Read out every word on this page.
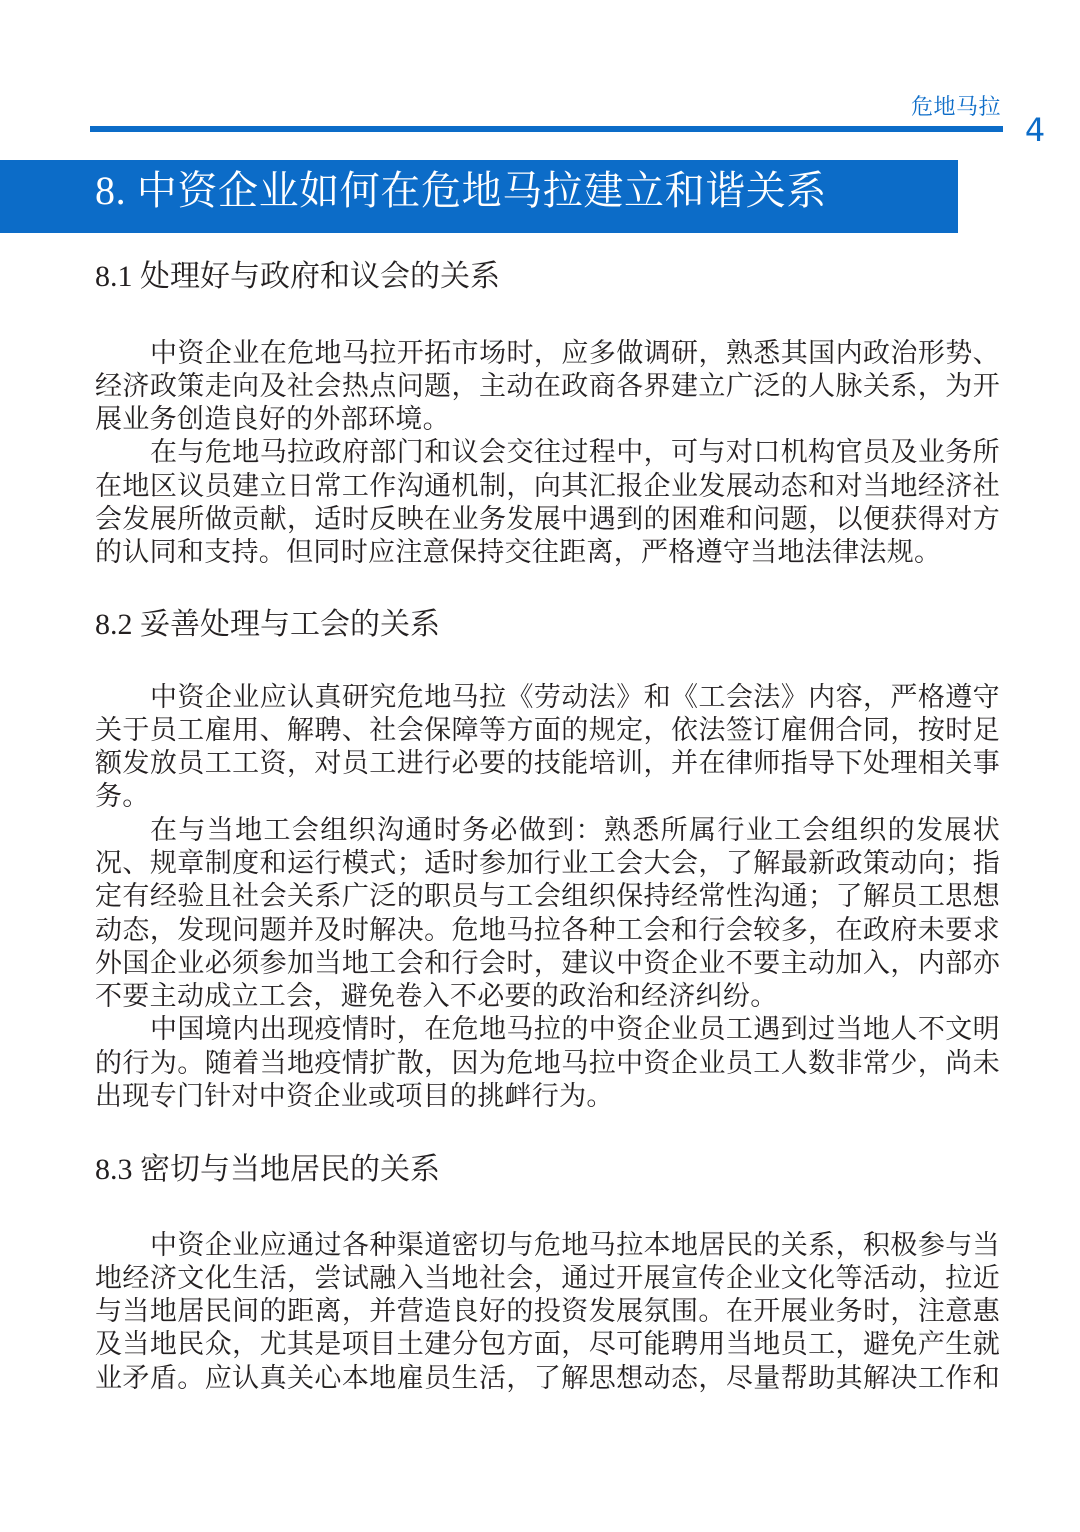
危地马拉
4
8. 中资企业如何在危地马拉建立和谐关系
8.1 处理好与政府和议会的关系
中资企业在危地马拉开拓市场时，应多做调研，熟悉其国内政治形势、
经济政策走向及社会热点问题，主动在政商各界建立广泛的人脉关系，为开
展业务创造良好的外部环境。
在与危地马拉政府部门和议会交往过程中，可与对口机构官员及业务所
在地区议员建立日常工作沟通机制，向其汇报企业发展动态和对当地经济社
会发展所做贡献，适时反映在业务发展中遇到的困难和问题，以便获得对方
的认同和支持。但同时应注意保持交往距离，严格遵守当地法律法规。
8.2 妥善处理与工会的关系
中资企业应认真研究危地马拉《劳动法》和《工会法》内容，严格遵守
关于员工雇用、解聘、社会保障等方面的规定，依法签订雇佣合同，按时足
额发放员工工资，对员工进行必要的技能培训，并在律师指导下处理相关事
务。
在与当地工会组织沟通时务必做到：熟悉所属行业工会组织的发展状
况、规章制度和运行模式；适时参加行业工会大会，了解最新政策动向；指
定有经验且社会关系广泛的职员与工会组织保持经常性沟通；了解员工思想
动态，发现问题并及时解决。危地马拉各种工会和行会较多，在政府未要求
外国企业必须参加当地工会和行会时，建议中资企业不要主动加入，内部亦
不要主动成立工会，避免卷入不必要的政治和经济纠纷。
中国境内出现疫情时，在危地马拉的中资企业员工遇到过当地人不文明
的行为。随着当地疫情扩散，因为危地马拉中资企业员工人数非常少，尚未
出现专门针对中资企业或项目的挑衅行为。
8.3 密切与当地居民的关系
中资企业应通过各种渠道密切与危地马拉本地居民的关系，积极参与当
地经济文化生活，尝试融入当地社会，通过开展宣传企业文化等活动，拉近
与当地居民间的距离，并营造良好的投资发展氛围。在开展业务时，注意惠
及当地民众，尤其是项目土建分包方面，尽可能聘用当地员工，避免产生就
业矛盾。应认真关心本地雇员生活，了解思想动态，尽量帮助其解决工作和
